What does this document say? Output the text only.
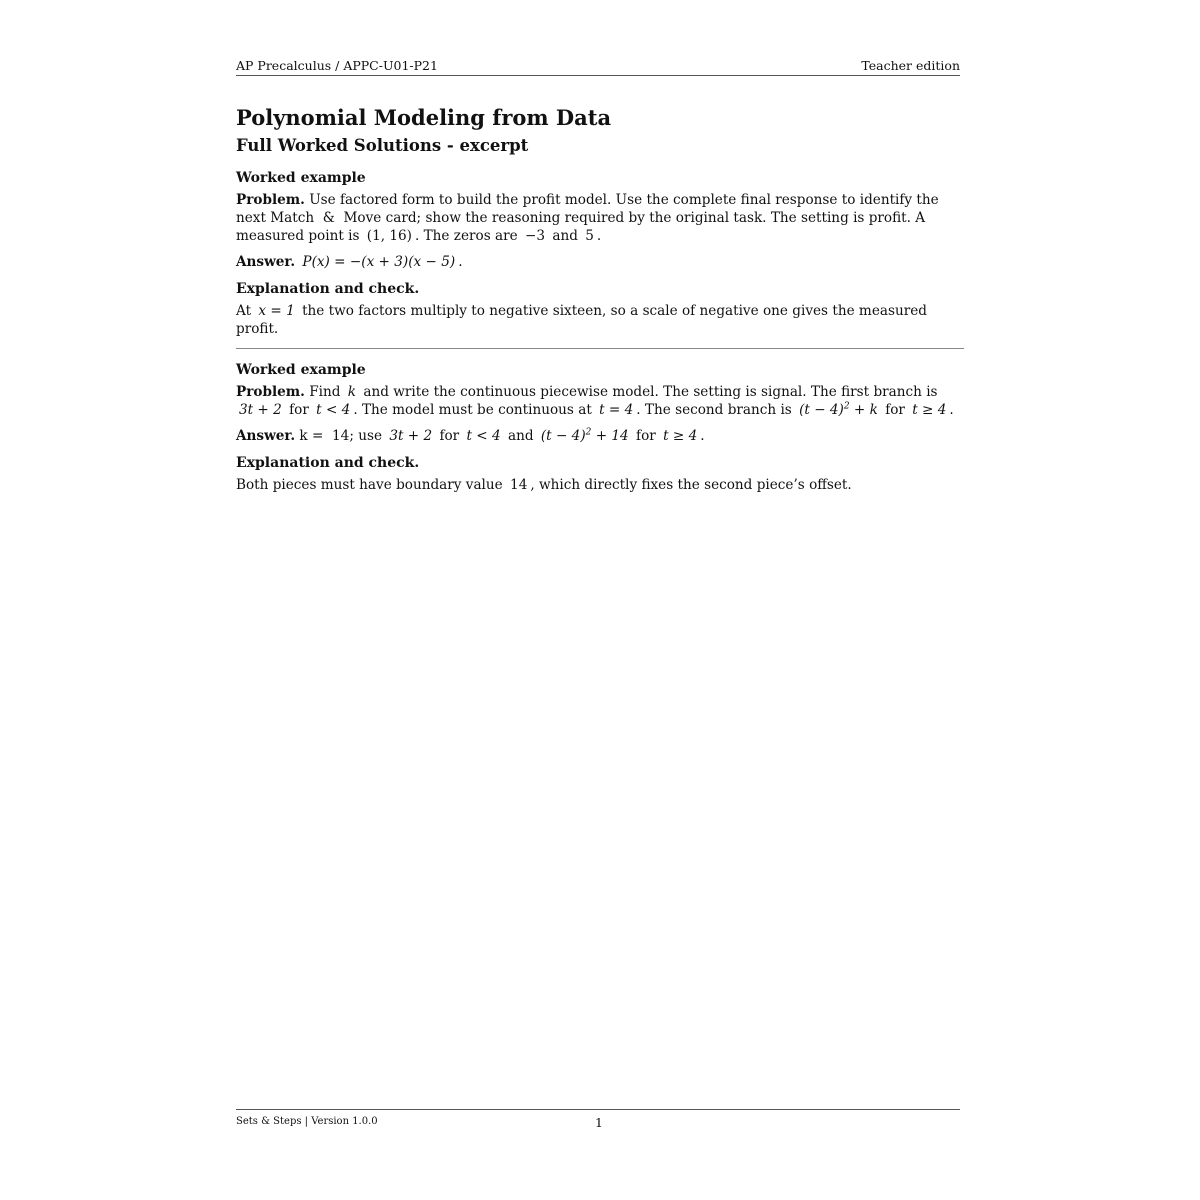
AP Precalculus / APPC-U01-P21	Teacher edition
Polynomial Modeling from Data
Full Worked Solutions - excerpt
Worked example

Problem. Use factored form to build the profit model. Use the complete final response to identify the next Match  &  Move card; show the reasoning required by the original task. The setting is profit. A measured point is (1, 16) . The zeros are −3 and 5 .

Answer. P(x) = −(x + 3)(x − 5) .

Explanation and check.

At x = 1 the two factors multiply to negative sixteen, so a scale of negative one gives the measured profit.

Worked example

Problem. Find k and write the continuous piecewise model. The setting is signal. The first branch is 3t + 2 for t < 4 . The model must be continuous at t = 4 . The second branch is $(t - 4)^2 + k$ for t ≥ 4 .

Answer. k =  14; use 3t + 2 for t < 4 and $(t - 4)^2 + 14$ for t ≥ 4 .

Explanation and check.

Both pieces must have boundary value 14 , which directly fixes the second piece’s offset.

Sets & Steps | Version 1.0.0	1
